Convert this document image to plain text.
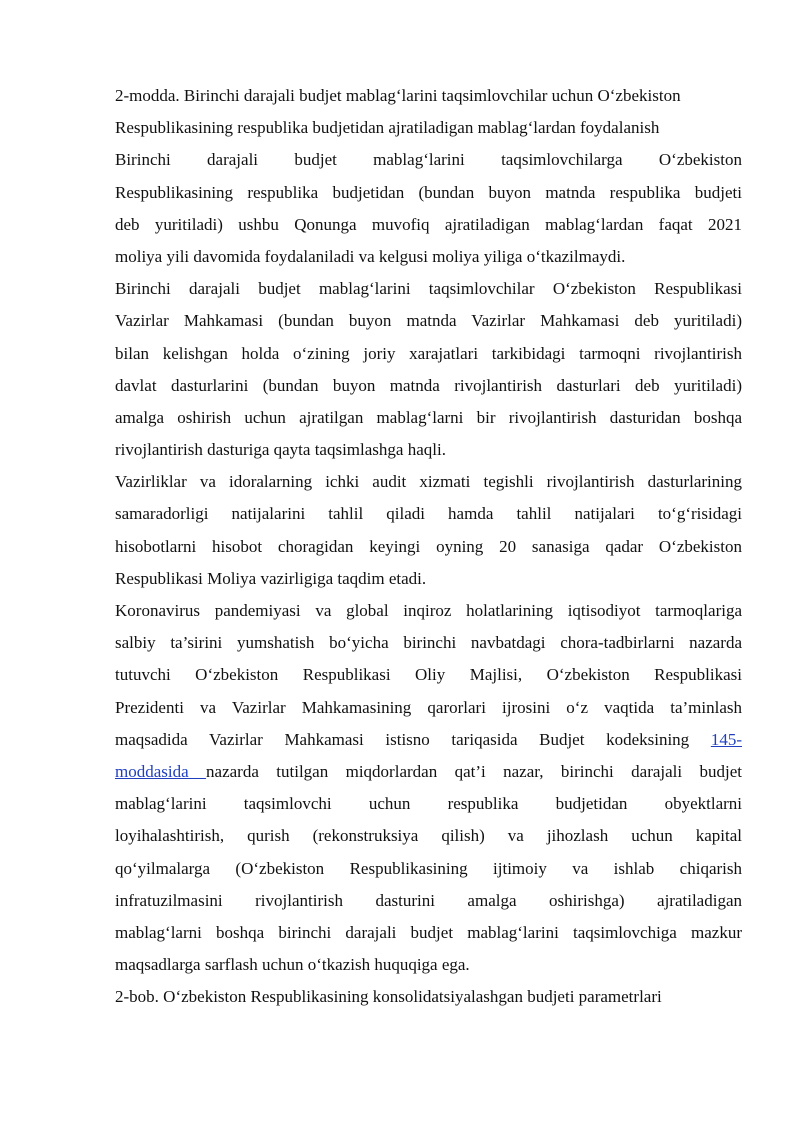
2-modda. Birinchi darajali budjet mablag‘larini taqsimlovchilar uchun O‘zbekiston

Respublikasining respublika budjetidan ajratiladigan mablag‘lardan foydalanish

Birinchi darajali budjet mablag‘larini taqsimlovchilarga O‘zbekiston

Respublikasining respublika budjetidan (bundan buyon matnda respublika budjeti

deb yuritiladi) ushbu Qonunga muvofiq ajratiladigan mablag‘lardan faqat 2021

moliya yili davomida foydalaniladi va kelgusi moliya yiliga o‘tkazilmaydi.

Birinchi darajali budjet mablag‘larini taqsimlovchilar O‘zbekiston Respublikasi

Vazirlar Mahkamasi (bundan buyon matnda Vazirlar Mahkamasi deb yuritiladi)

bilan kelishgan holda o‘zining joriy xarajatlari tarkibidagi tarmoqni rivojlantirish

davlat dasturlarini (bundan buyon matnda rivojlantirish dasturlari deb yuritiladi)

amalga oshirish uchun ajratilgan mablag‘larni bir rivojlantirish dasturidan boshqa

rivojlantirish dasturiga qayta taqsimlashga haqli.

Vazirliklar va idoralarning ichki audit xizmati tegishli rivojlantirish dasturlarining

samaradorligi natijalarini tahlil qiladi hamda tahlil natijalari to‘g‘risidagi

hisobotlarni hisobot choragidan keyingi oyning 20 sanasiga qadar O‘zbekiston

Respublikasi Moliya vazirligiga taqdim etadi.

Koronavirus pandemiyasi va global inqiroz holatlarining iqtisodiyot tarmoqlariga

salbiy ta’sirini yumshatish bo‘yicha birinchi navbatdagi chora-tadbirlarni nazarda

tutuvchi O‘zbekiston Respublikasi Oliy Majlisi, O‘zbekiston Respublikasi

Prezidenti va Vazirlar Mahkamasining qarorlari ijrosini o‘z vaqtida ta’minlash

maqsadida Vazirlar Mahkamasi istisno tariqasida Budjet kodeksining 145-

moddasida nazarda tutilgan miqdorlardan qat’i nazar, birinchi darajali budjet

mablag‘larini taqsimlovchi uchun respublika budjetidan obyektlarni

loyihalashtirish, qurish (rekonstruksiya qilish) va jihozlash uchun kapital

qo‘yilmalarga (O‘zbekiston Respublikasining ijtimoiy va ishlab chiqarish

infratuzilmasini rivojlantirish dasturini amalga oshirishga) ajratiladigan

mablag‘larni boshqa birinchi darajali budjet mablag‘larini taqsimlovchiga mazkur

maqsadlarga sarflash uchun o‘tkazish huquqiga ega.

2-bob. O‘zbekiston Respublikasining konsolidatsiyalashgan budjeti parametrlari
